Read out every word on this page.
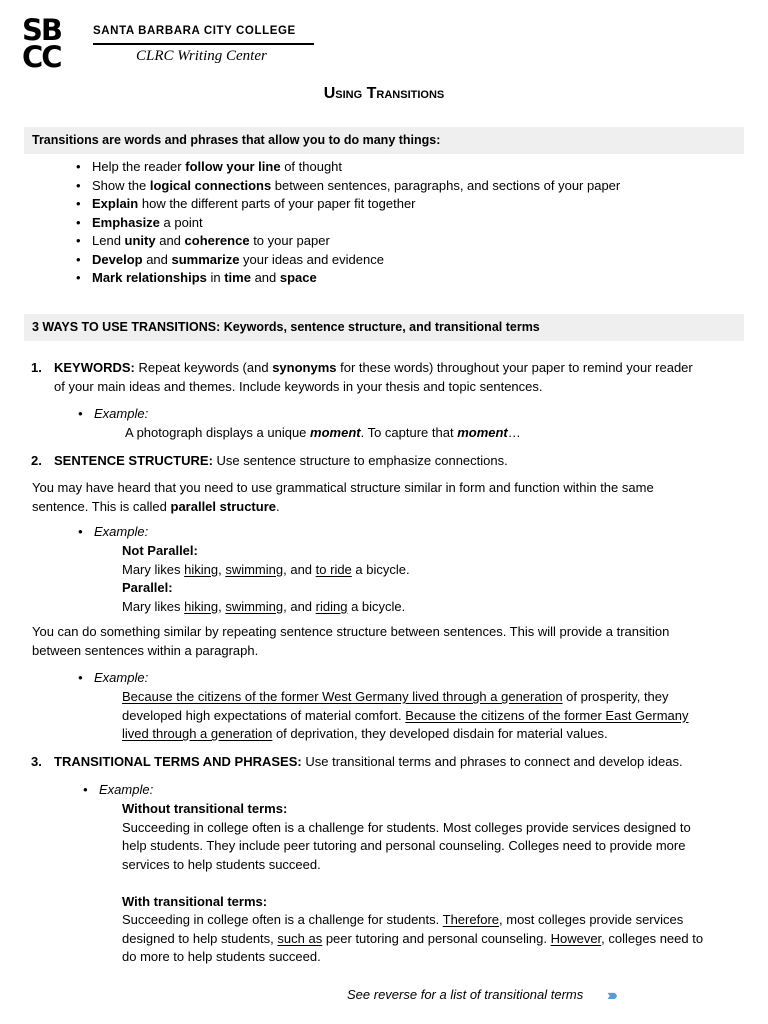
SB
CC
SANTA BARBARA CITY COLLEGE
CLRC Writing Center
Using Transitions
Transitions are words and phrases that allow you to do many things:
• Help the reader follow your line of thought
• Show the logical connections between sentences, paragraphs, and sections of your paper
• Explain how the different parts of your paper fit together
• Emphasize a point
• Lend unity and coherence to your paper
• Develop and summarize your ideas and evidence
• Mark relationships in time and space
3 WAYS TO USE TRANSITIONS: Keywords, sentence structure, and transitional terms
1. KEYWORDS: Repeat keywords (and synonyms for these words) throughout your paper to remind your reader
of your main ideas and themes. Include keywords in your thesis and topic sentences.
• Example:
A photograph displays a unique moment. To capture that moment…
2. SENTENCE STRUCTURE: Use sentence structure to emphasize connections.
You may have heard that you need to use grammatical structure similar in form and function within the same
sentence. This is called parallel structure.
• Example:
Not Parallel:
Mary likes hiking, swimming, and to ride a bicycle.
Parallel:
Mary likes hiking, swimming, and riding a bicycle.
You can do something similar by repeating sentence structure between sentences. This will provide a transition
between sentences within a paragraph.
• Example:
Because the citizens of the former West Germany lived through a generation of prosperity, they
developed high expectations of material comfort. Because the citizens of the former East Germany
lived through a generation of deprivation, they developed disdain for material values.
3. TRANSITIONAL TERMS AND PHRASES: Use transitional terms and phrases to connect and develop ideas.
• Example:
Without transitional terms:
Succeeding in college often is a challenge for students. Most colleges provide services designed to
help students. They include peer tutoring and personal counseling. Colleges need to provide more
services to help students succeed.
With transitional terms:
Succeeding in college often is a challenge for students. Therefore, most colleges provide services
designed to help students, such as peer tutoring and personal counseling. However, colleges need to
do more to help students succeed.
See reverse for a list of transitional terms ›››››
